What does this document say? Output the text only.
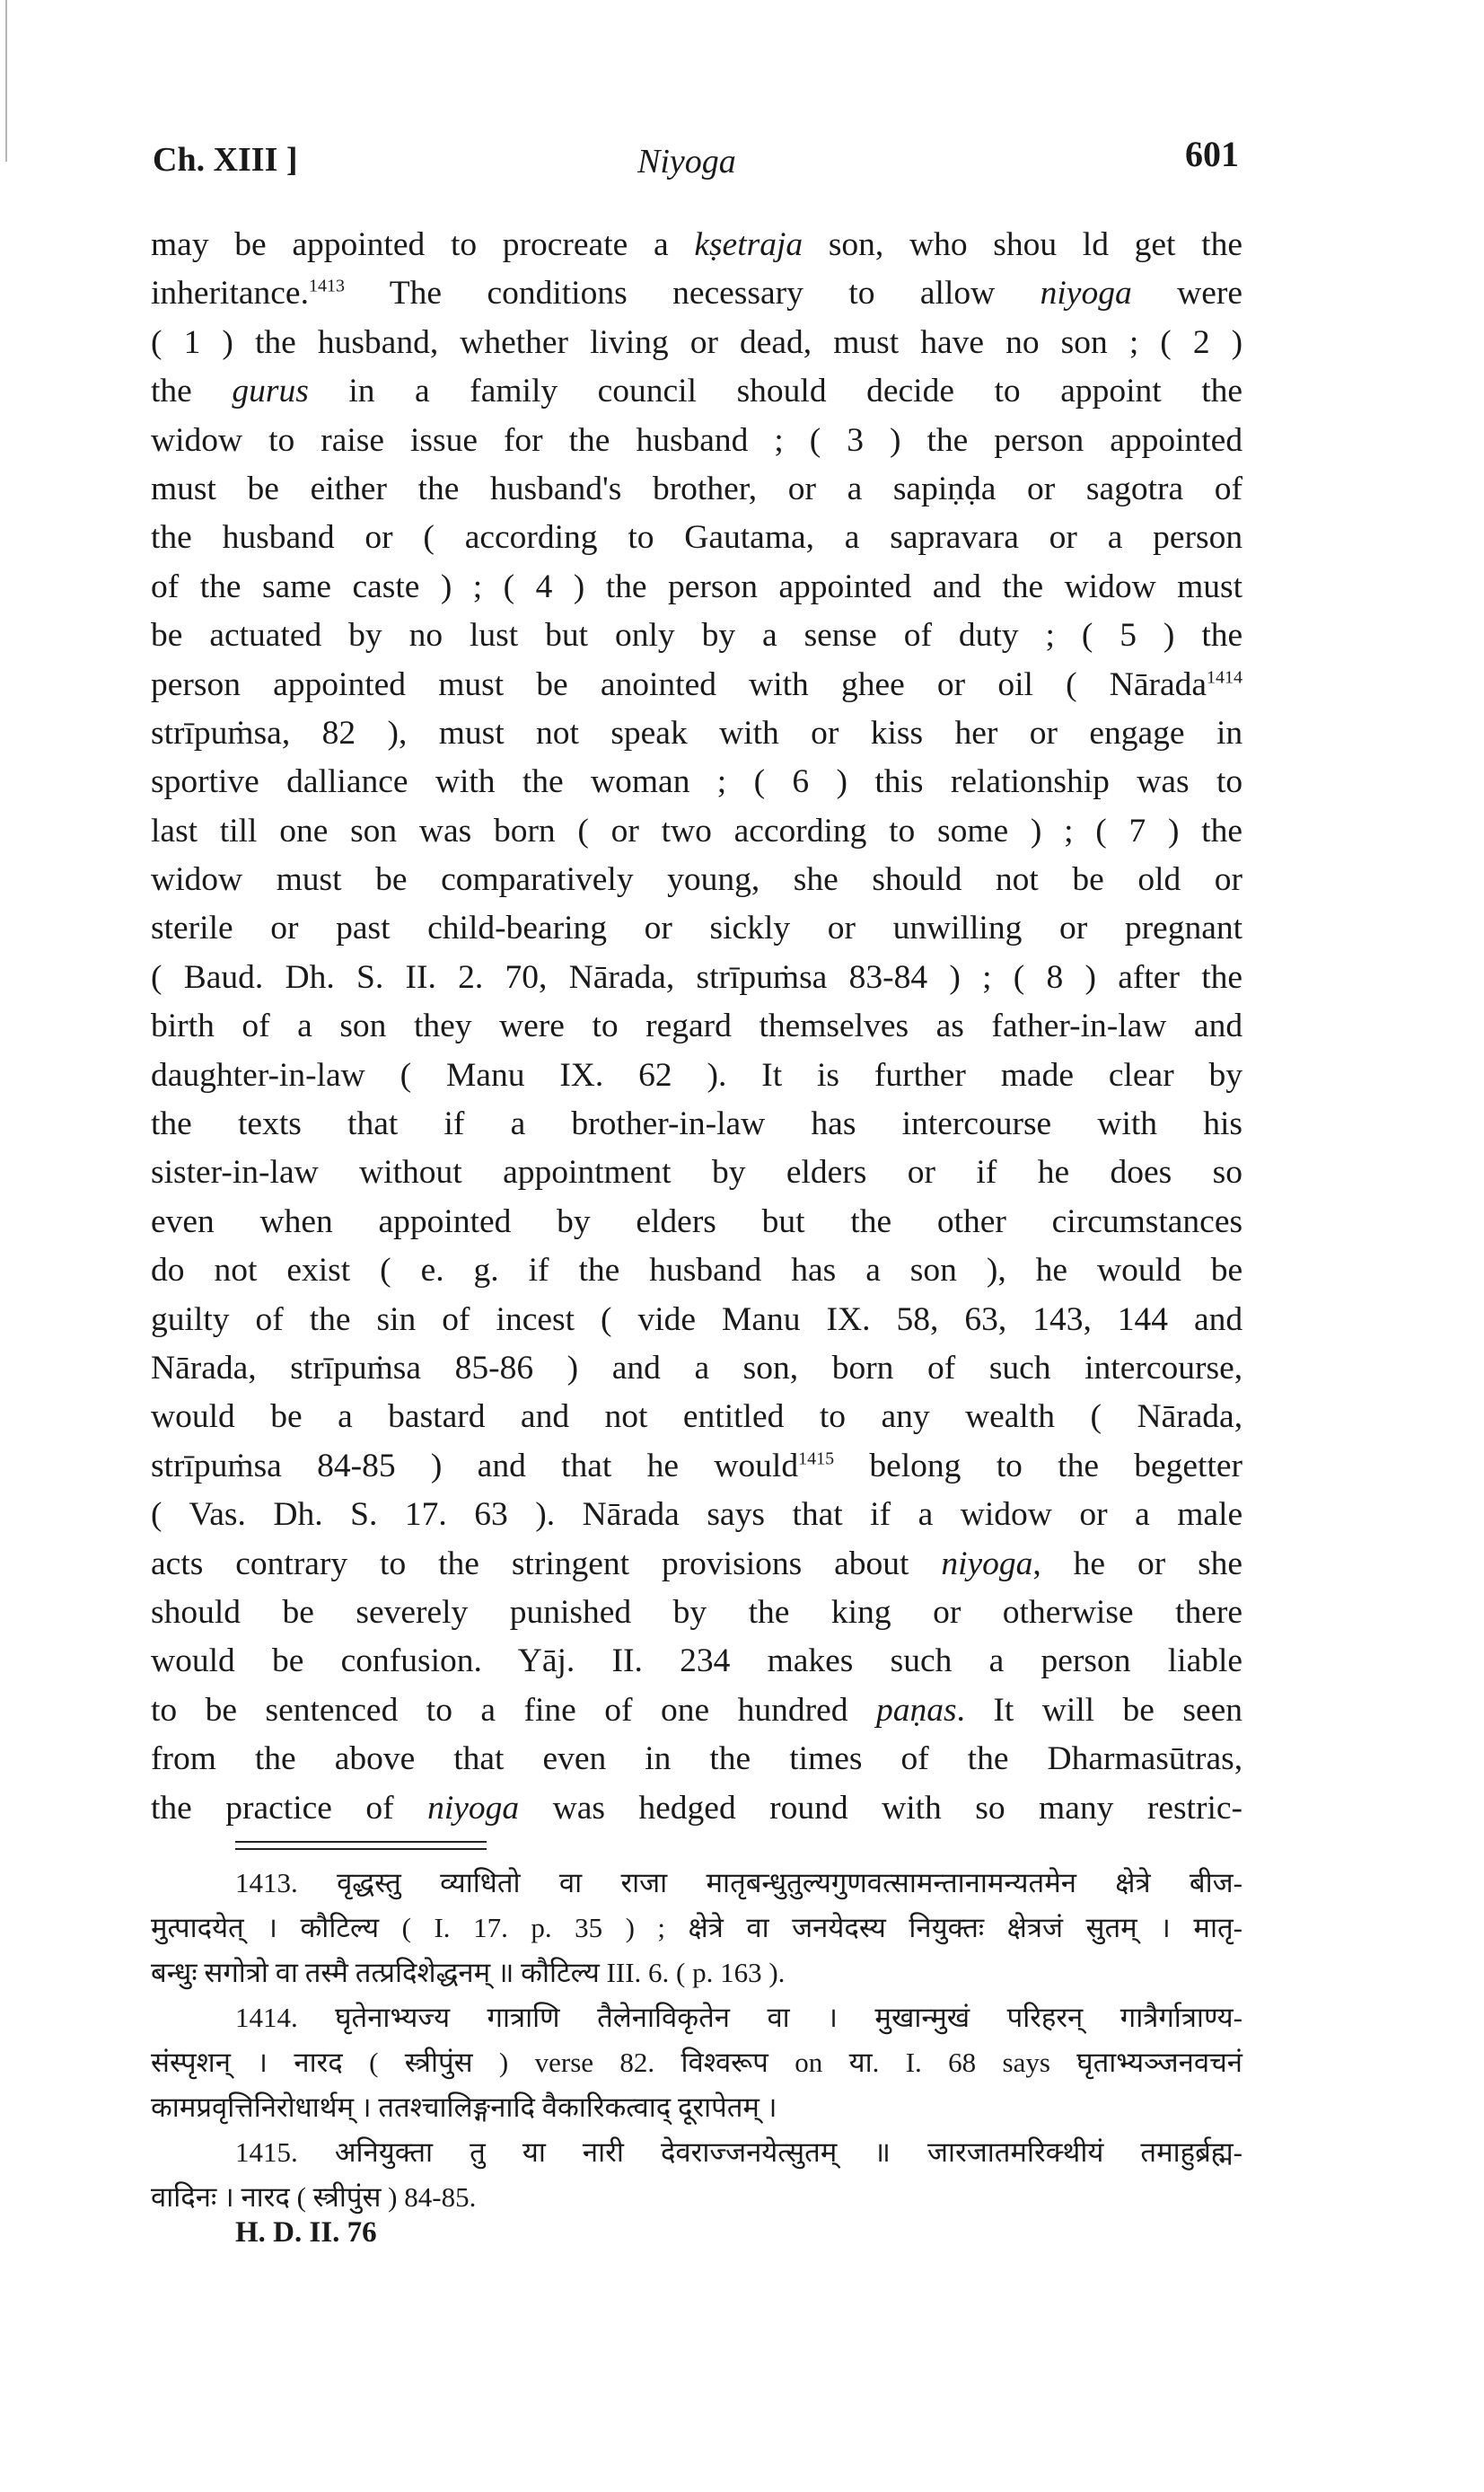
Ch. XIII ]	Niyoga	601
may be appointed to procreate a kṣetraja son, who shou ld get the
inheritance.$^{1413}$ The conditions necessary to allow niyoga were
( 1 ) the husband, whether living or dead, must have no son ; ( 2 )
the gurus in a family council should decide to appoint the
widow to raise issue for the husband ; ( 3 ) the person appointed
must be either the husband's brother, or a sapiṇḍa or sagotra of
the husband or ( according to Gautama, a sapravara or a person
of the same caste ) ; ( 4 ) the person appointed and the widow must
be actuated by no lust but only by a sense of duty ; ( 5 ) the
person appointed must be anointed with ghee or oil ( Nārada$^{1414}$
strīpuṁsa, 82 ), must not speak with or kiss her or engage in
sportive dalliance with the woman ; ( 6 ) this relationship was to
last till one son was born ( or two according to some ) ; ( 7 ) the
widow must be comparatively young, she should not be old or
sterile or past child-bearing or sickly or unwilling or pregnant
( Baud. Dh. S. II. 2. 70, Nārada, strīpuṁsa 83-84 ) ; ( 8 ) after the
birth of a son they were to regard themselves as father-in-law and
daughter-in-law ( Manu IX. 62 ). It is further made clear by
the texts that if a brother-in-law has intercourse with his
sister-in-law without appointment by elders or if he does so
even when appointed by elders but the other circumstances
do not exist ( e. g. if the husband has a son ), he would be
guilty of the sin of incest ( vide Manu IX. 58, 63, 143, 144 and
Nārada, strīpuṁsa 85-86 ) and a son, born of such intercourse,
would be a bastard and not entitled to any wealth ( Nārada,
strīpuṁsa 84-85 ) and that he would$^{1415}$ belong to the begetter
( Vas. Dh. S. 17. 63 ). Nārada says that if a widow or a male
acts contrary to the stringent provisions about niyoga, he or she
should be severely punished by the king or otherwise there
would be confusion. Yāj. II. 234 makes such a person liable
to be sentenced to a fine of one hundred paṇas. It will be seen
from the above that even in the times of the Dharmasūtras,
the practice of niyoga was hedged round with so many restric-
1413. वृद्धस्तु व्याधितो वा राजा मातृबन्धुतुल्यगुणवत्सामन्तानामन्यतमेन क्षेत्रे बीज-
मुत्पादयेत् । कौटिल्य ( I. 17. p. 35 ) ; क्षेत्रे वा जनयेदस्य नियुक्तः क्षेत्रजं सुतम् । मातृ-
बन्धुः सगोत्रो वा तस्मै तत्प्रदिशेद्धनम् ॥ कौटिल्य III. 6. ( p. 163 ).
1414. घृतेनाभ्यज्य गात्राणि तैलेनाविकृतेन वा । मुखान्मुखं परिहरन् गात्रैर्गात्राण्य-
संस्पृशन् । नारद ( स्त्रीपुंस ) verse 82. विश्वरूप on या. I. 68 says घृताभ्यञ्जनवचनं
कामप्रवृत्तिनिरोधार्थम् । ततश्चालिङ्गनादि वैकारिकत्वाद् दूरापेतम् ।
1415. अनियुक्ता तु या नारी देवराज्जनयेत्सुतम् ॥ जारजातमरिक्थीयं तमाहुर्ब्रह्म-
वादिनः । नारद ( स्त्रीपुंस ) 84-85.
H. D. II. 76
